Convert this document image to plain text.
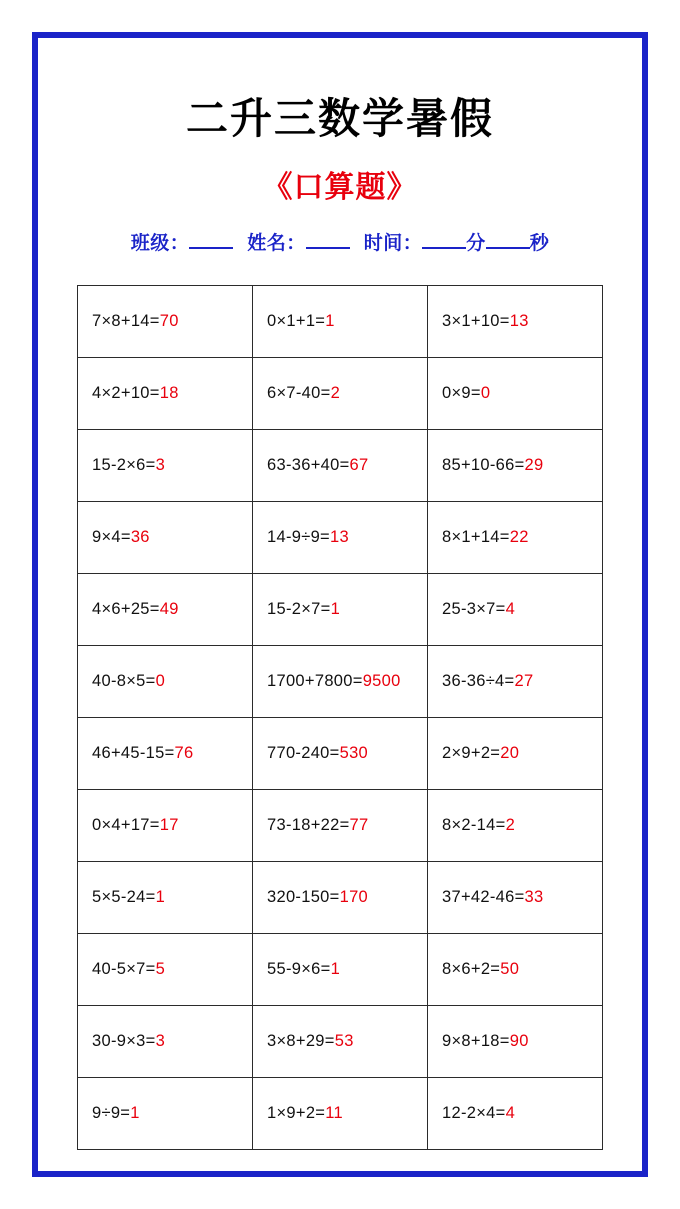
二升三数学暑假
《口算题》
班级：	姓名：	时间： 分 秒
7×8+14=70	0×1+1=1	3×1+10=13
4×2+10=18	6×7-40=2	0×9=0
15-2×6=3	63-36+40=67	85+10-66=29
9×4=36	14-9÷9=13	8×1+14=22
4×6+25=49	15-2×7=1	25-3×7=4
40-8×5=0	1700+7800=9500	36-36÷4=27
46+45-15=76	770-240=530	2×9+2=20
0×4+17=17	73-18+22=77	8×2-14=2
5×5-24=1	320-150=170	37+42-46=33
40-5×7=5	55-9×6=1	8×6+2=50
30-9×3=3	3×8+29=53	9×8+18=90
9÷9=1	1×9+2=11	12-2×4=4
